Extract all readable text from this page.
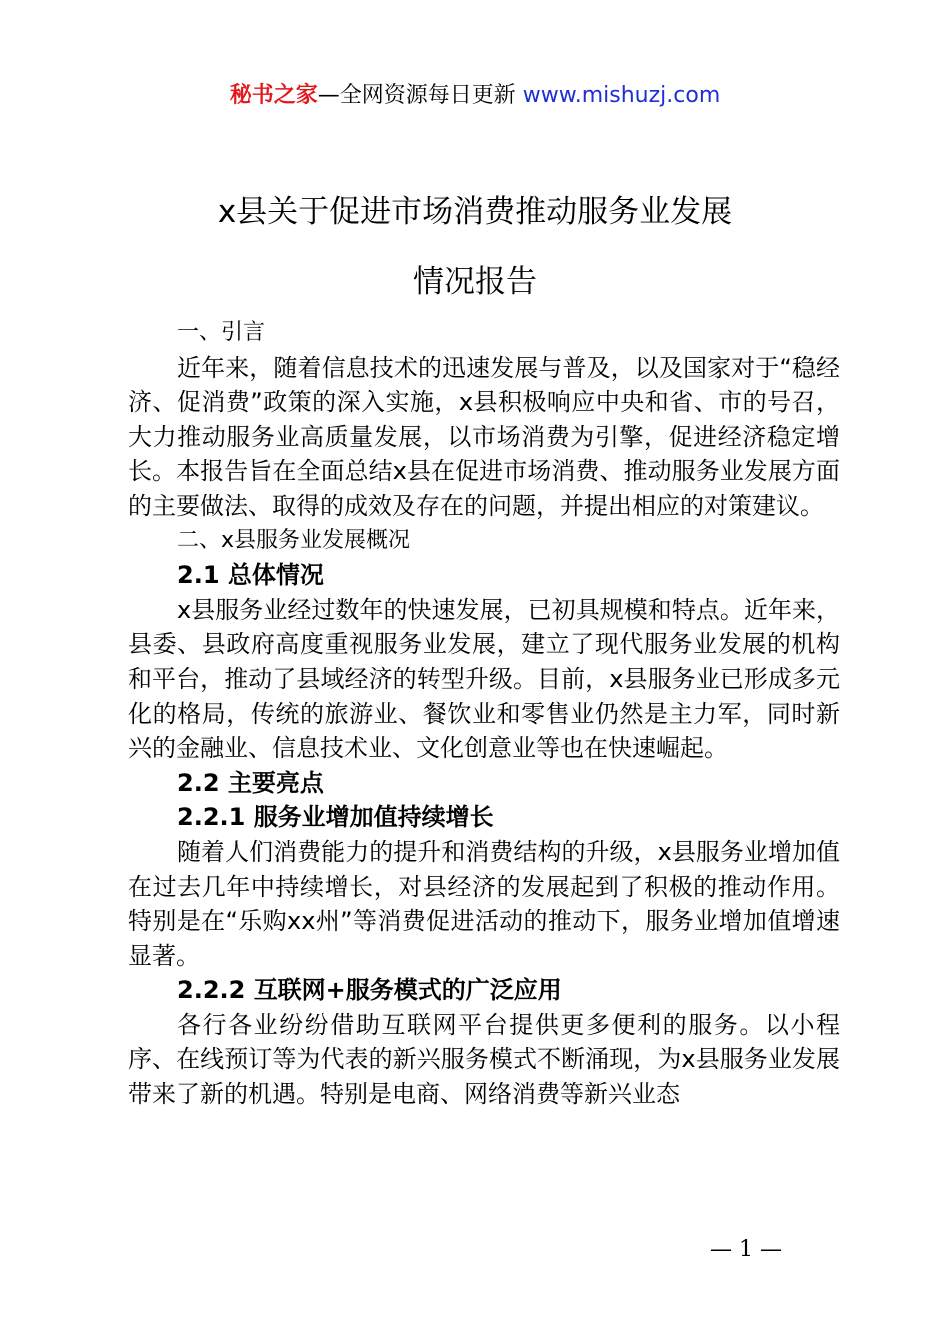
秘书之家—全网资源每日更新 www.mishuzj.com
x县关于促进市场消费推动服务业发展
情况报告

一、引言

近年来，随着信息技术的迅速发展与普及，以及国家对于“稳经济、促消费”政策的深入实施，x县积极响应中央和省、市的号召，大力推动服务业高质量发展，以市场消费为引擎，促进经济稳定增长。本报告旨在全面总结x县在促进市场消费、推动服务业发展方面的主要做法、取得的成效及存在的问题，并提出相应的对策建议。

二、x县服务业发展概况

2.1 总体情况

x县服务业经过数年的快速发展，已初具规模和特点。近年来，县委、县政府高度重视服务业发展，建立了现代服务业发展的机构和平台，推动了县域经济的转型升级。目前，x县服务业已形成多元化的格局，传统的旅游业、餐饮业和零售业仍然是主力军，同时新兴的金融业、信息技术业、文化创意业等也在快速崛起。

2.2 主要亮点

2.2.1 服务业增加值持续增长

随着人们消费能力的提升和消费结构的升级，x县服务业增加值在过去几年中持续增长，对县经济的发展起到了积极的推动作用。特别是在“乐购xx州”等消费促进活动的推动下，服务业增加值增速显著。

2.2.2 互联网+服务模式的广泛应用

各行各业纷纷借助互联网平台提供更多便利的服务。以小程序、在线预订等为代表的新兴服务模式不断涌现，为x县服务业发展带来了新的机遇。特别是电商、网络消费等新兴业态

— 1 —
